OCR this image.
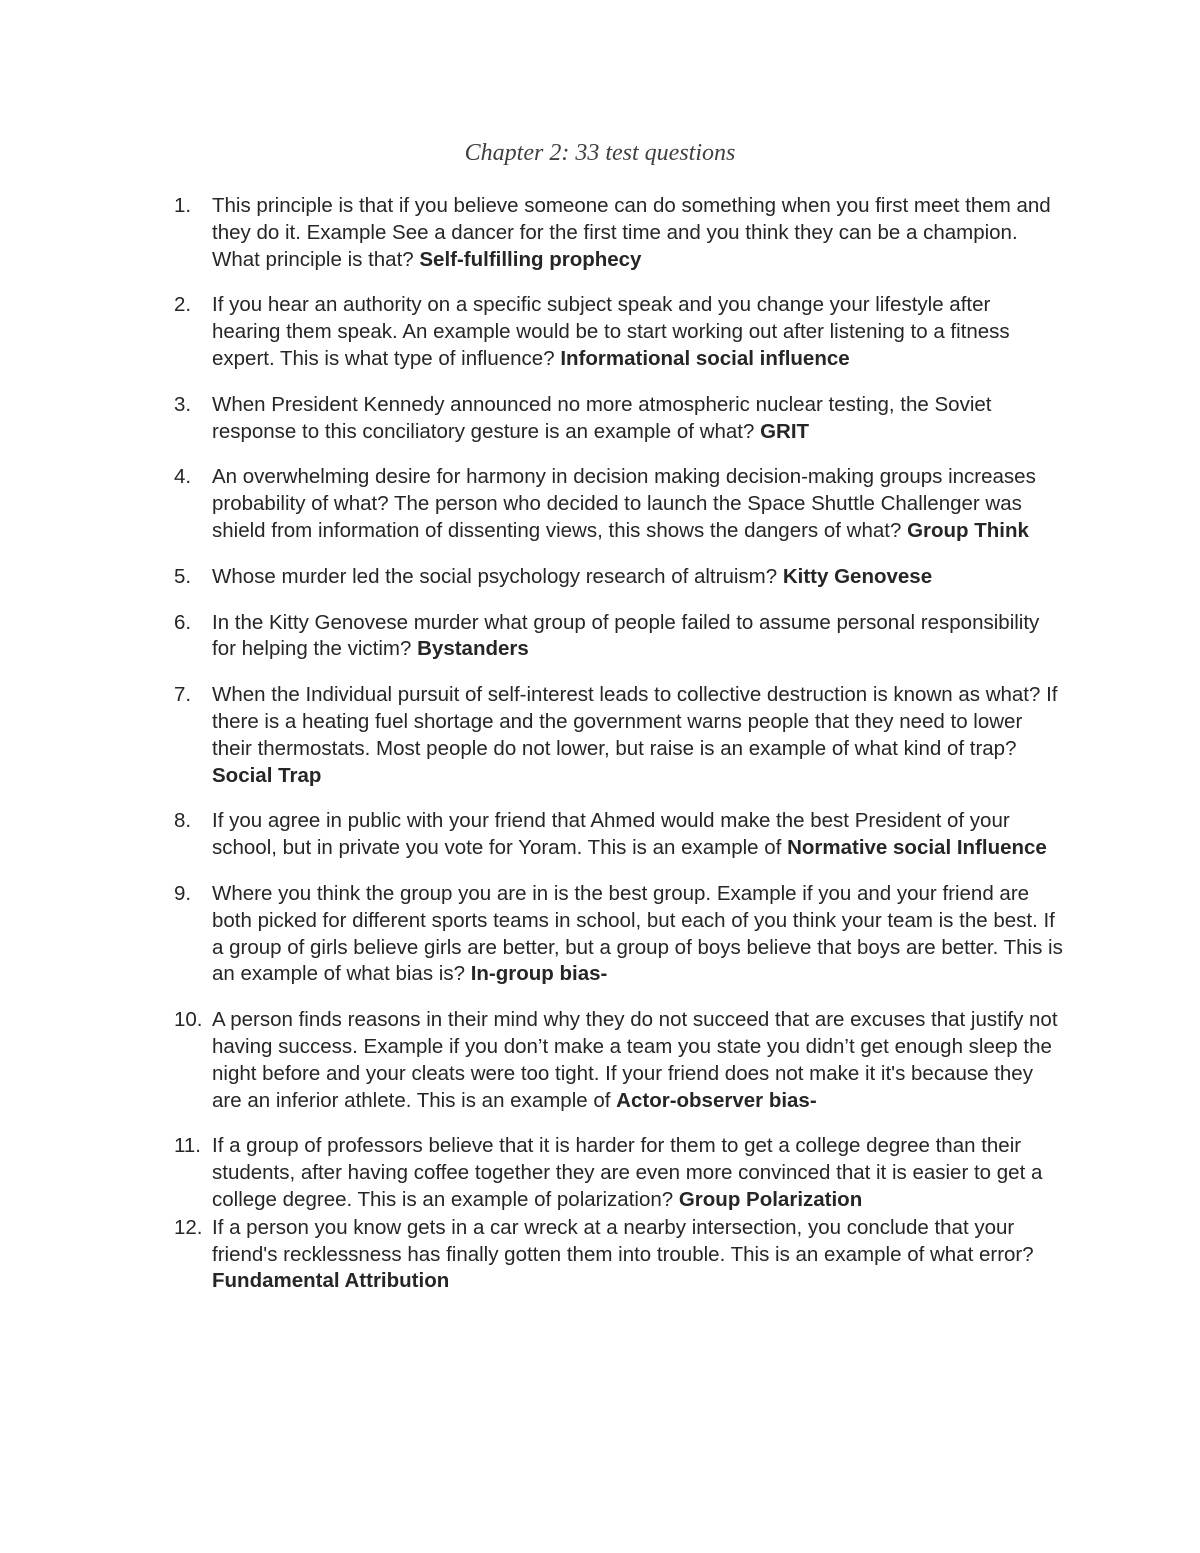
Chapter 2: 33 test questions
1.	This principle is that if you believe someone can do something when you first meet them and they do it. Example See a dancer for the first time and you think they can be a champion. What principle is that? Self-fulfilling prophecy
2.	If you hear an authority on a specific subject speak and you change your lifestyle after hearing them speak. An example would be to start working out after listening to a fitness expert. This is what type of influence? Informational social influence
3.	When President Kennedy announced no more atmospheric nuclear testing, the Soviet response to this conciliatory gesture is an example of what? GRIT
4.	An overwhelming desire for harmony in decision making decision-making groups increases probability of what? The person who decided to launch the Space Shuttle Challenger was shield from information of dissenting views, this shows the dangers of what? Group Think
5.	Whose murder led the social psychology research of altruism? Kitty Genovese
6.	In the Kitty Genovese murder what group of people failed to assume personal responsibility for helping the victim? Bystanders
7.	When the Individual pursuit of self-interest leads to collective destruction is known as what? If there is a heating fuel shortage and the government warns people that they need to lower their thermostats. Most people do not lower, but raise is an example of what kind of trap? Social Trap
8.	If you agree in public with your friend that Ahmed would make the best President of your school, but in private you vote for Yoram. This is an example of Normative social Influence
9.	Where you think the group you are in is the best group. Example if you and your friend are both picked for different sports teams in school, but each of you think your team is the best. If a group of girls believe girls are better, but a group of boys believe that boys are better. This is an example of what bias is? In-group bias-
10. A person finds reasons in their mind why they do not succeed that are excuses that justify not having success. Example if you don’t make a team you state you didn’t get enough sleep the night before and your cleats were too tight. If your friend does not make it it's because they are an inferior athlete. This is an example of Actor-observer bias-
11. If a group of professors believe that it is harder for them to get a college degree than their students, after having coffee together they are even more convinced that it is easier to get a college degree. This is an example of polarization? Group Polarization
12. If a person you know gets in a car wreck at a nearby intersection, you conclude that your friend's recklessness has finally gotten them into trouble. This is an example of what error? Fundamental Attribution
